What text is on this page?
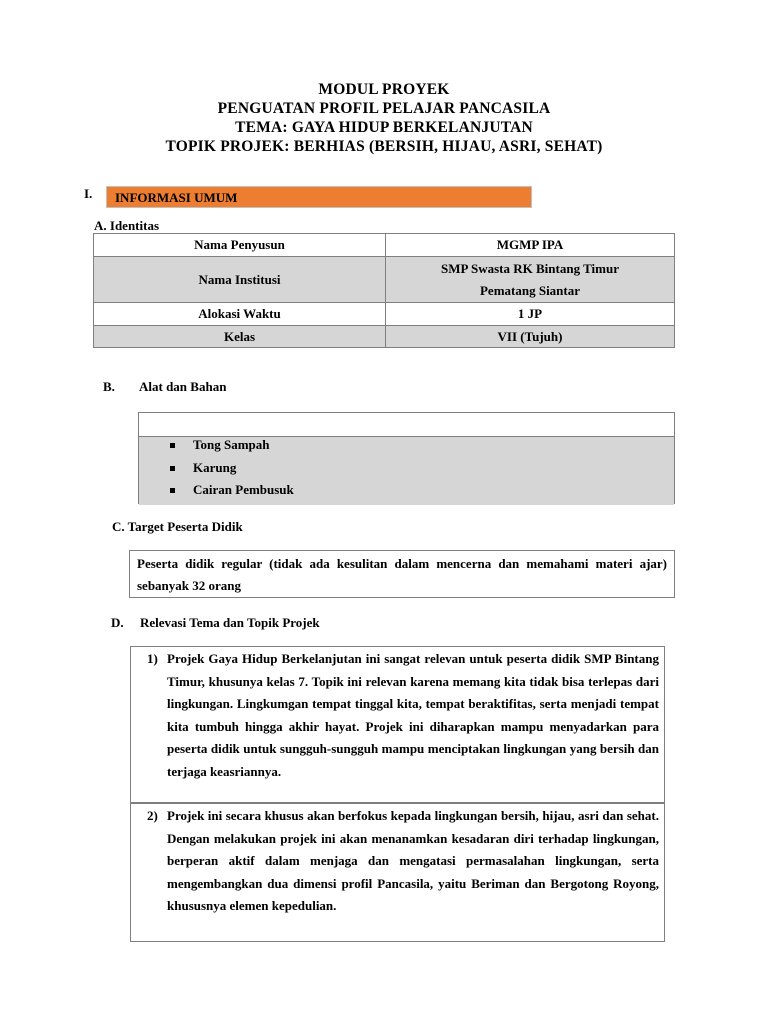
MODUL PROYEK
PENGUATAN PROFIL PELAJAR PANCASILA
TEMA: GAYA HIDUP BERKELANJUTAN
TOPIK PROJEK: BERHIAS (BERSIH, HIJAU, ASRI, SEHAT)
I.	INFORMASI UMUM
A. Identitas
Nama Penyusun	MGMP IPA
Nama Institusi	SMP Swasta RK Bintang Timur
Pematang Siantar

Alokasi Waktu	1 JP
Kelas	VII (Tujuh)
B. Alat dan Bahan
Tong Sampah
Karung
Cairan Pembusuk
C. Target Peserta Didik
Peserta didik regular (tidak ada kesulitan dalam mencerna dan memahami materi ajar) sebanyak 32 orang
D. Relevasi Tema dan Topik Projek
1) Projek Gaya Hidup Berkelanjutan ini sangat relevan untuk peserta didik SMP Bintang Timur, khusunya kelas 7. Topik ini relevan karena memang kita tidak bisa terlepas dari lingkungan. Lingkumgan tempat tinggal kita, tempat beraktifitas, serta menjadi tempat kita tumbuh hingga akhir hayat. Projek ini diharapkan mampu menyadarkan para peserta didik untuk sungguh-sungguh mampu menciptakan lingkungan yang bersih dan terjaga keasriannya.
2) Projek ini secara khusus akan berfokus kepada lingkungan bersih, hijau, asri dan sehat. Dengan melakukan projek ini akan menanamkan kesadaran diri terhadap lingkungan, berperan aktif dalam menjaga dan mengatasi permasalahan lingkungan, serta mengembangkan dua dimensi profil Pancasila, yaitu Beriman dan Bergotong Royong, khususnya elemen kepedulian.
